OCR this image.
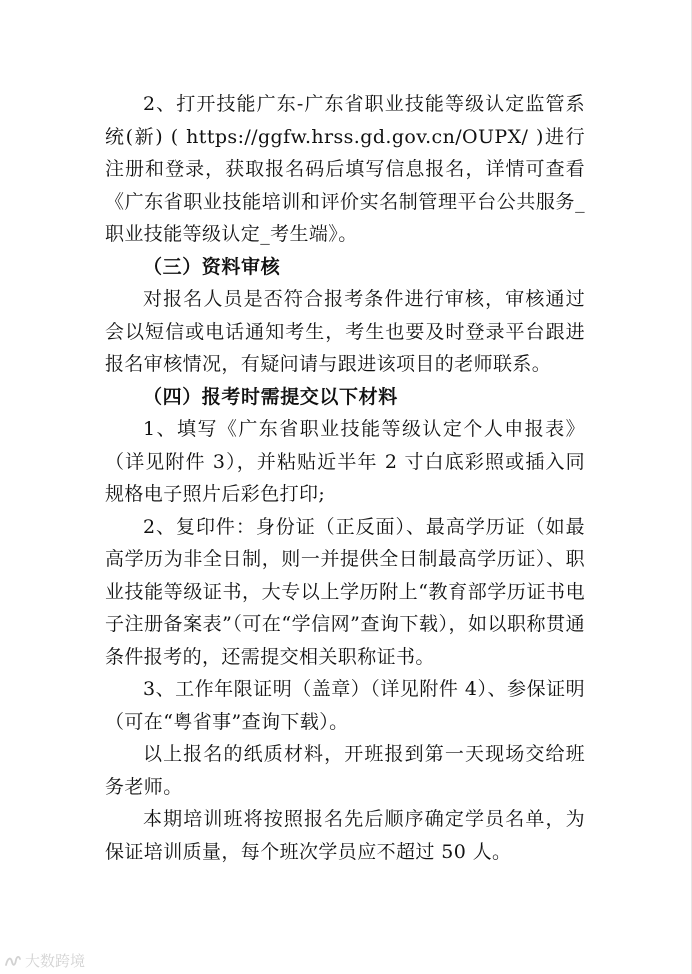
2、打开技能广东-广东省职业技能等级认定监管系统(新) ( https://ggfw.hrss.gd.gov.cn/OUPX/ )进行注册和登录，获取报名码后填写信息报名，详情可查看《广东省职业技能培训和评价实名制管理平台公共服务_职业技能等级认定_考生端》。

（三）资料审核

对报名人员是否符合报考条件进行审核，审核通过会以短信或电话通知考生，考生也要及时登录平台跟进报名审核情况，有疑问请与跟进该项目的老师联系。

（四）报考时需提交以下材料

1、填写《广东省职业技能等级认定个人申报表》（详见附件 3），并粘贴近半年 2 寸白底彩照或插入同规格电子照片后彩色打印;

2、复印件：身份证（正反面）、最高学历证（如最高学历为非全日制，则一并提供全日制最高学历证）、职业技能等级证书，大专以上学历附上“教育部学历证书电子注册备案表”（可在“学信网”查询下载），如以职称贯通条件报考的，还需提交相关职称证书。

3、工作年限证明（盖章）（详见附件 4）、参保证明（可在“粤省事”查询下载）。

以上报名的纸质材料，开班报到第一天现场交给班务老师。

本期培训班将按照报名先后顺序确定学员名单，为保证培训质量，每个班次学员应不超过 50 人。

大数跨境
